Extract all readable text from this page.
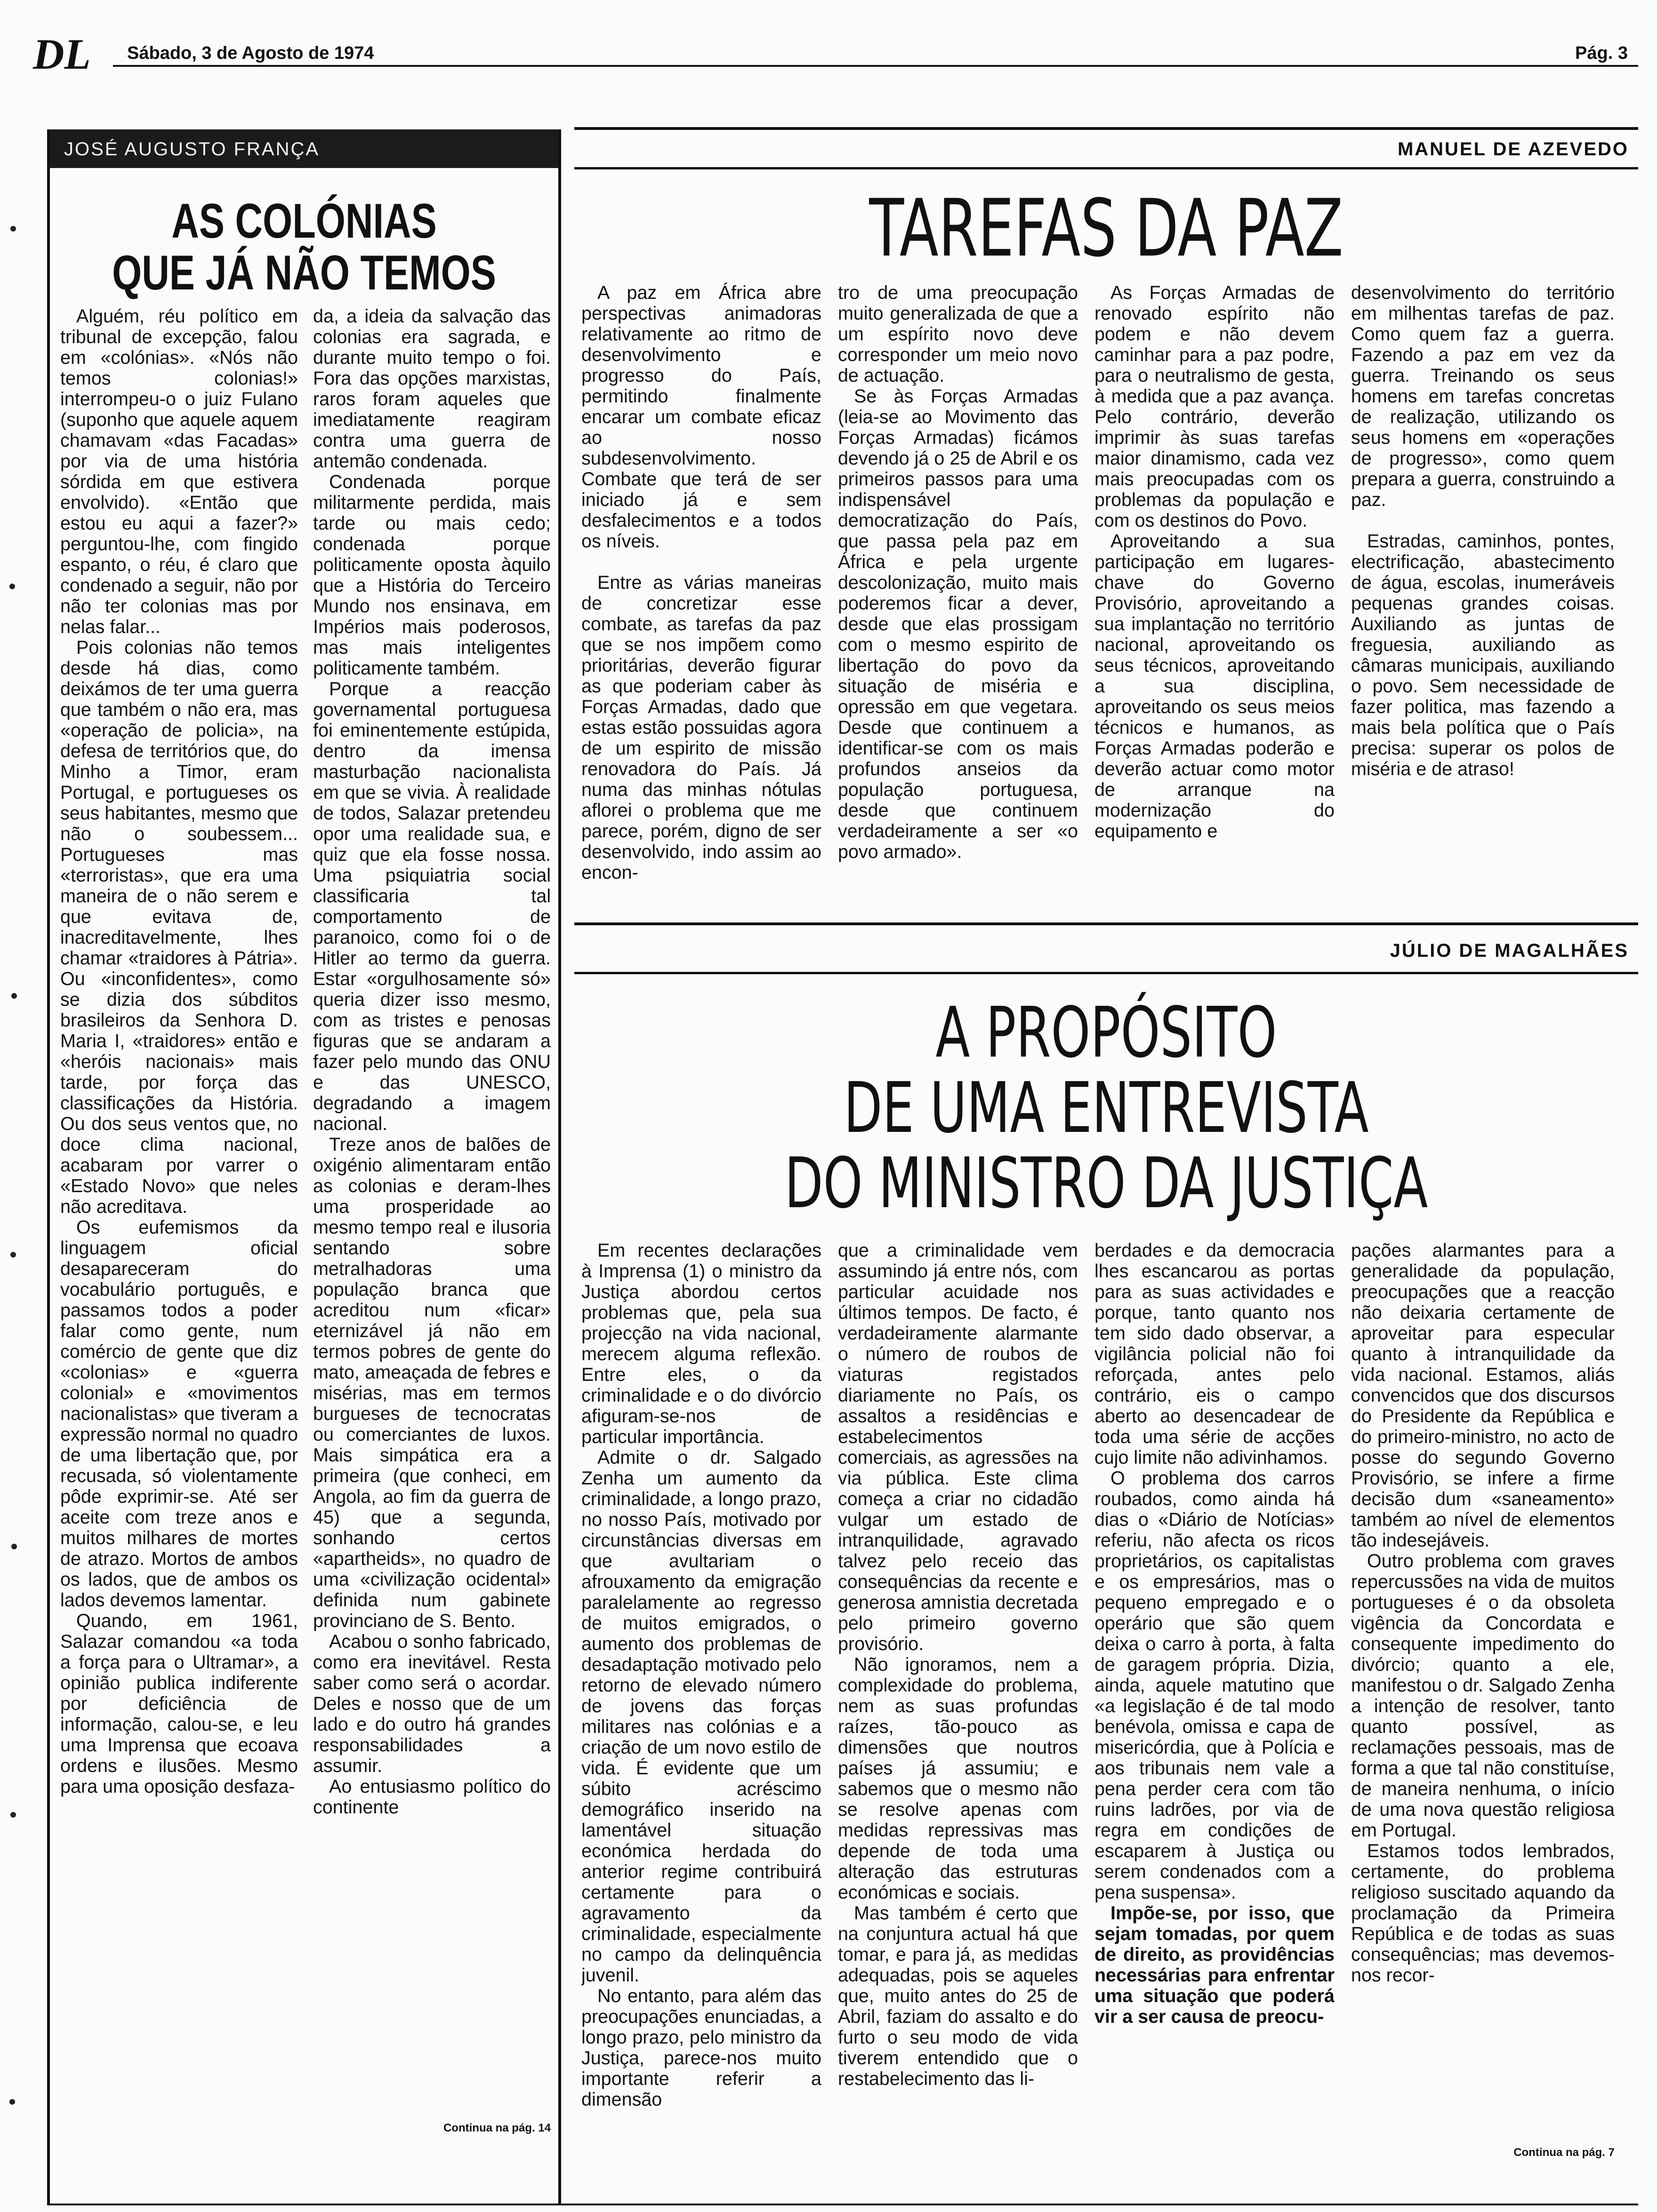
DL Sábado, 3 de Agosto de 1974	Pág. 3
JOSÉ AUGUSTO FRANÇA
AS COLÓNIAS
QUE JÁ NÃO TEMOS

Alguém, réu político em tribunal de excepção, falou em «colónias». «Nós não temos colonias!» interrompeu-o o juiz Fulano (suponho que aquele aquem chamavam «das Facadas» por via de uma história sórdida em que estivera envolvido). «Então que estou eu aqui a fazer?» perguntou-lhe, com fingido espanto, o réu, é claro que condenado a seguir, não por não ter colonias mas por nelas falar...

Pois colonias não temos desde há dias, como deixámos de ter uma guerra que também o não era, mas «operação de policia», na defesa de territórios que, do Minho a Timor, eram Portugal, e portugueses os seus habitantes, mesmo que não o soubessem... Portugueses mas «terroristas», que era uma maneira de o não serem e que evitava de, inacreditavelmente, lhes chamar «traidores à Pátria». Ou «inconfidentes», como se dizia dos súbditos brasileiros da Senhora D. Maria I, «traidores» então e «heróis nacionais» mais tarde, por força das classificações da História. Ou dos seus ventos que, no doce clima nacional, acabaram por varrer o «Estado Novo» que neles não acreditava.

Os eufemismos da linguagem oficial desapareceram do vocabulário português, e passamos todos a poder falar como gente, num comércio de gente que diz «colonias» e «guerra colonial» e «movimentos nacionalistas» que tiveram a expressão normal no quadro de uma libertação que, por recusada, só violentamente pôde exprimir-se. Até ser aceite com treze anos e muitos milhares de mortes de atrazo. Mortos de ambos os lados, que de ambos os lados devemos lamentar.

Quando, em 1961, Salazar comandou «a toda a força para o Ultramar», a opinião publica indiferente por deficiência de informação, calou-se, e leu uma Imprensa que ecoava ordens e ilusões. Mesmo para uma oposição desfaza-

da, a ideia da salvação das colonias era sagrada, e durante muito tempo o foi. Fora das opções marxistas, raros foram aqueles que imediatamente reagiram contra uma guerra de antemão condenada.

Condenada porque militarmente perdida, mais tarde ou mais cedo; condenada porque politicamente oposta àquilo que a História do Terceiro Mundo nos ensinava, em Impérios mais poderosos, mas mais inteligentes politicamente também.

Porque a reacção governamental portuguesa foi eminentemente estúpida, dentro da imensa masturbação nacionalista em que se vivia. À realidade de todos, Salazar pretendeu opor uma realidade sua, e quiz que ela fosse nossa. Uma psiquiatria social classificaria tal comportamento de paranoico, como foi o de Hitler ao termo da guerra. Estar «orgulhosamente só» queria dizer isso mesmo, com as tristes e penosas figuras que se andaram a fazer pelo mundo das ONU e das UNESCO, degradando a imagem nacional.

Treze anos de balões de oxigénio alimentaram então as colonias e deram-lhes uma prosperidade ao mesmo tempo real e ilusoria sentando sobre metralhadoras uma população branca que acreditou num «ficar» eternizável já não em termos pobres de gente do mato, ameaçada de febres e misérias, mas em termos burgueses de tecnocratas ou comerciantes de luxos. Mais simpática era a primeira (que conheci, em Angola, ao fim da guerra de 45) que a segunda, sonhando certos «apartheids», no quadro de uma «civilização ocidental» definida num gabinete provinciano de S. Bento.

Acabou o sonho fabricado, como era inevitável. Resta saber como será o acordar. Deles e nosso que de um lado e do outro há grandes responsabilidades a assumir.

Ao entusiasmo político do continente

Continua na pág. 14
MANUEL DE AZEVEDO
TAREFAS DA PAZ

A paz em África abre perspectivas animadoras relativamente ao ritmo de desenvolvimento e progresso do País, permitindo finalmente encarar um combate eficaz ao nosso subdesenvolvimento. Combate que terá de ser iniciado já e sem desfalecimentos e a todos os níveis.

Entre as várias maneiras de concretizar esse combate, as tarefas da paz que se nos impõem como prioritárias, deverão figurar as que poderiam caber às Forças Armadas, dado que estas estão possuidas agora de um espirito de missão renovadora do País. Já numa das minhas nótulas aflorei o problema que me parece, porém, digno de ser desenvolvido, indo assim ao encon-

tro de uma preocupação muito generalizada de que a um espírito novo deve corresponder um meio novo de actuação.

Se às Forças Armadas (leia-se ao Movimento das Forças Armadas) ficámos devendo já o 25 de Abril e os primeiros passos para uma indispensável democratização do País, que passa pela paz em África e pela urgente descolonização, muito mais poderemos ficar a dever, desde que elas prossigam com o mesmo espirito de libertação do povo da situação de miséria e opressão em que vegetara. Desde que continuem a identificar-se com os mais profundos anseios da população portuguesa, desde que continuem verdadeiramente a ser «o povo armado».

As Forças Armadas de renovado espírito não podem e não devem caminhar para a paz podre, para o neutralismo de gesta, à medida que a paz avança. Pelo contrário, deverão imprimir às suas tarefas maior dinamismo, cada vez mais preocupadas com os problemas da população e com os destinos do Povo.

Aproveitando a sua participação em lugares-chave do Governo Provisório, aproveitando a sua implantação no território nacional, aproveitando os seus técnicos, aproveitando a sua disciplina, aproveitando os seus meios técnicos e humanos, as Forças Armadas poderão e deverão actuar como motor de arranque na modernização do equipamento e

desenvolvimento do território em milhentas tarefas de paz. Como quem faz a guerra. Fazendo a paz em vez da guerra. Treinando os seus homens em tarefas concretas de realização, utilizando os seus homens em «operações de progresso», como quem prepara a guerra, construindo a paz.

Estradas, caminhos, pontes, electrificação, abastecimento de água, escolas, inumeráveis pequenas grandes coisas. Auxiliando as juntas de freguesia, auxiliando as câmaras municipais, auxiliando o povo. Sem necessidade de fazer politica, mas fazendo a mais bela política que o País precisa: superar os polos de miséria e de atraso!

JÚLIO DE MAGALHÃES
A PROPÓSITO
DE UMA ENTREVISTA
DO MINISTRO DA JUSTIÇA

Em recentes declarações à Imprensa (1) o ministro da Justiça abordou certos problemas que, pela sua projecção na vida nacional, merecem alguma reflexão. Entre eles, o da criminalidade e o do divórcio afiguram-se-nos de particular importância.

Admite o dr. Salgado Zenha um aumento da criminalidade, a longo prazo, no nosso País, motivado por circunstâncias diversas em que avultariam o afrouxamento da emigração paralelamente ao regresso de muitos emigrados, o aumento dos problemas de desadaptação motivado pelo retorno de elevado número de jovens das forças militares nas colónias e a criação de um novo estilo de vida. É evidente que um súbito acréscimo demográfico inserido na lamentável situação económica herdada do anterior regime contribuirá certamente para o agravamento da criminalidade, especialmente no campo da delinquência juvenil.

No entanto, para além das preocupações enunciadas, a longo prazo, pelo ministro da Justiça, parece-nos muito importante referir a dimensão

que a criminalidade vem assumindo já entre nós, com particular acuidade nos últimos tempos. De facto, é verdadeiramente alarmante o número de roubos de viaturas registados diariamente no País, os assaltos a residências e estabelecimentos comerciais, as agressões na via pública. Este clima começa a criar no cidadão vulgar um estado de intranquilidade, agravado talvez pelo receio das consequências da recente e generosa amnistia decretada pelo primeiro governo provisório.

Não ignoramos, nem a complexidade do problema, nem as suas profundas raízes, tão-pouco as dimensões que noutros países já assumiu; e sabemos que o mesmo não se resolve apenas com medidas repressivas mas depende de toda uma alteração das estruturas económicas e sociais.

Mas também é certo que na conjuntura actual há que tomar, e para já, as medidas adequadas, pois se aqueles que, muito antes do 25 de Abril, faziam do assalto e do furto o seu modo de vida tiverem entendido que o restabelecimento das li-

berdades e da democracia lhes escancarou as portas para as suas actividades e porque, tanto quanto nos tem sido dado observar, a vigilância policial não foi reforçada, antes pelo contrário, eis o campo aberto ao desencadear de toda uma série de acções cujo limite não adivinhamos.

O problema dos carros roubados, como ainda há dias o «Diário de Notícias» referiu, não afecta os ricos proprietários, os capitalistas e os empresários, mas o pequeno empregado e o operário que são quem deixa o carro à porta, à falta de garagem própria. Dizia, ainda, aquele matutino que «a legislação é de tal modo benévola, omissa e capa de misericórdia, que à Polícia e aos tribunais nem vale a pena perder cera com tão ruins ladrões, por via de regra em condições de escaparem à Justiça ou serem condenados com a pena suspensa».

Impõe-se, por isso, que sejam tomadas, por quem de direito, as providências necessárias para enfrentar uma situação que poderá vir a ser causa de preocu-

pações alarmantes para a generalidade da população, preocupações que a reacção não deixaria certamente de aproveitar para especular quanto à intranquilidade da vida nacional. Estamos, aliás convencidos que dos discursos do Presidente da República e do primeiro-ministro, no acto de posse do segundo Governo Provisório, se infere a firme decisão dum «saneamento» também ao nível de elementos tão indesejáveis.

Outro problema com graves repercussões na vida de muitos portugueses é o da obsoleta vigência da Concordata e consequente impedimento do divórcio; quanto a ele, manifestou o dr. Salgado Zenha a intenção de resolver, tanto quanto possível, as reclamações pessoais, mas de forma a que tal não constituíse, de maneira nenhuma, o início de uma nova questão religiosa em Portugal.

Estamos todos lembrados, certamente, do problema religioso suscitado aquando da proclamação da Primeira República e de todas as suas consequências; mas devemos-nos recor-

Continua na pág. 7
